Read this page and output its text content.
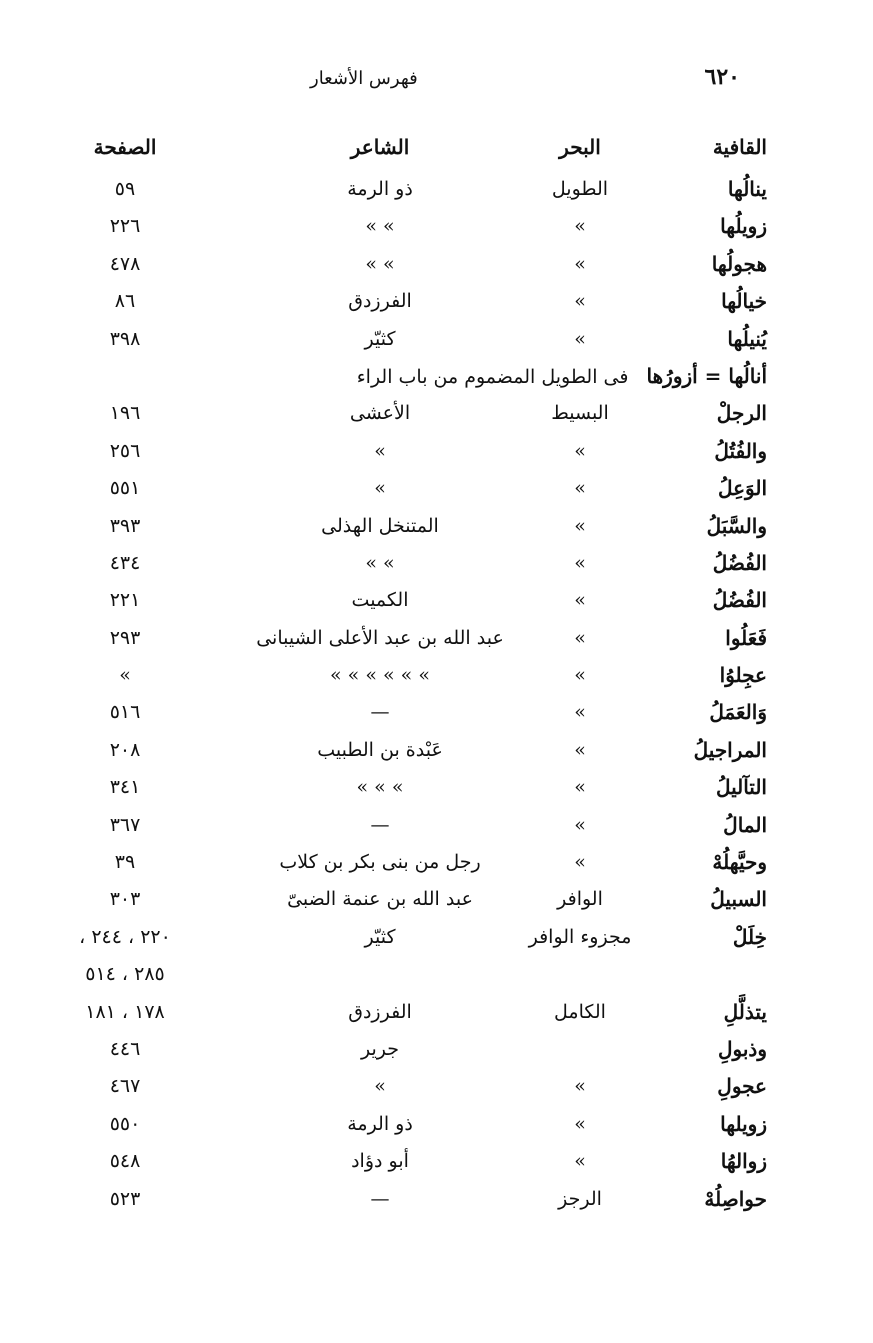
٦٢٠
فهرس الأشعار
القافية
البحر
الشاعر
الصفحة
ينالُها
الطويل
ذو الرمة
٥٩
زويلُها
»
» »
٢٢٦
هجولُها
»
» »
٤٧٨
خيالُها
»
الفرزدق
٨٦
يُنيلُها
»
كثيّر
٣٩٨
أنالُها = أزورُها فى الطويل المضموم من باب الراء
الرجلْ
البسيط
الأعشى
١٩٦
والفُتُلُ
»
»
٢٥٦
الوَعِلُ
»
»
٥٥١
والسَّبَلُ
»
المتنخل الهذلى
٣٩٣
الفُضُلُ
»
» »
٤٣٤
الفُضُلُ
»
الكميت
٢٢١
فَعَلُوا
»
عبد الله بن عبد الأعلى الشيبانى
٢٩٣
عجِلوُا
»
» » » » » »
»
وَالعَمَلُ
»
—
٥١٦
المراجيلُ
»
عَبْدة بن الطبيب
٢٠٨
التآليلُ
»
» » »
٣٤١
المالُ
»
—
٣٦٧
وحيَّهلُهْ
»
رجل من بنى بكر بن كلاب
٣٩
السبيلُ
الوافر
عبد الله بن عنمة الضبىّ
٣٠٣
خِلَلْ
مجزوء الوافر
كثيّر
٢٢٠ ، ٢٤٤ ،
٢٨٥ ، ٥١٤
يتذلَّلِ
الكامل
الفرزدق
١٧٨ ، ١٨١
وذبولِ
جرير
٤٤٦
عجولِ
»
»
٤٦٧
زويلها
»
ذو الرمة
٥٥٠
زوالهُا
»
أبو دؤاد
٥٤٨
حواصِلُهْ
الرجز
—
٥٢٣
